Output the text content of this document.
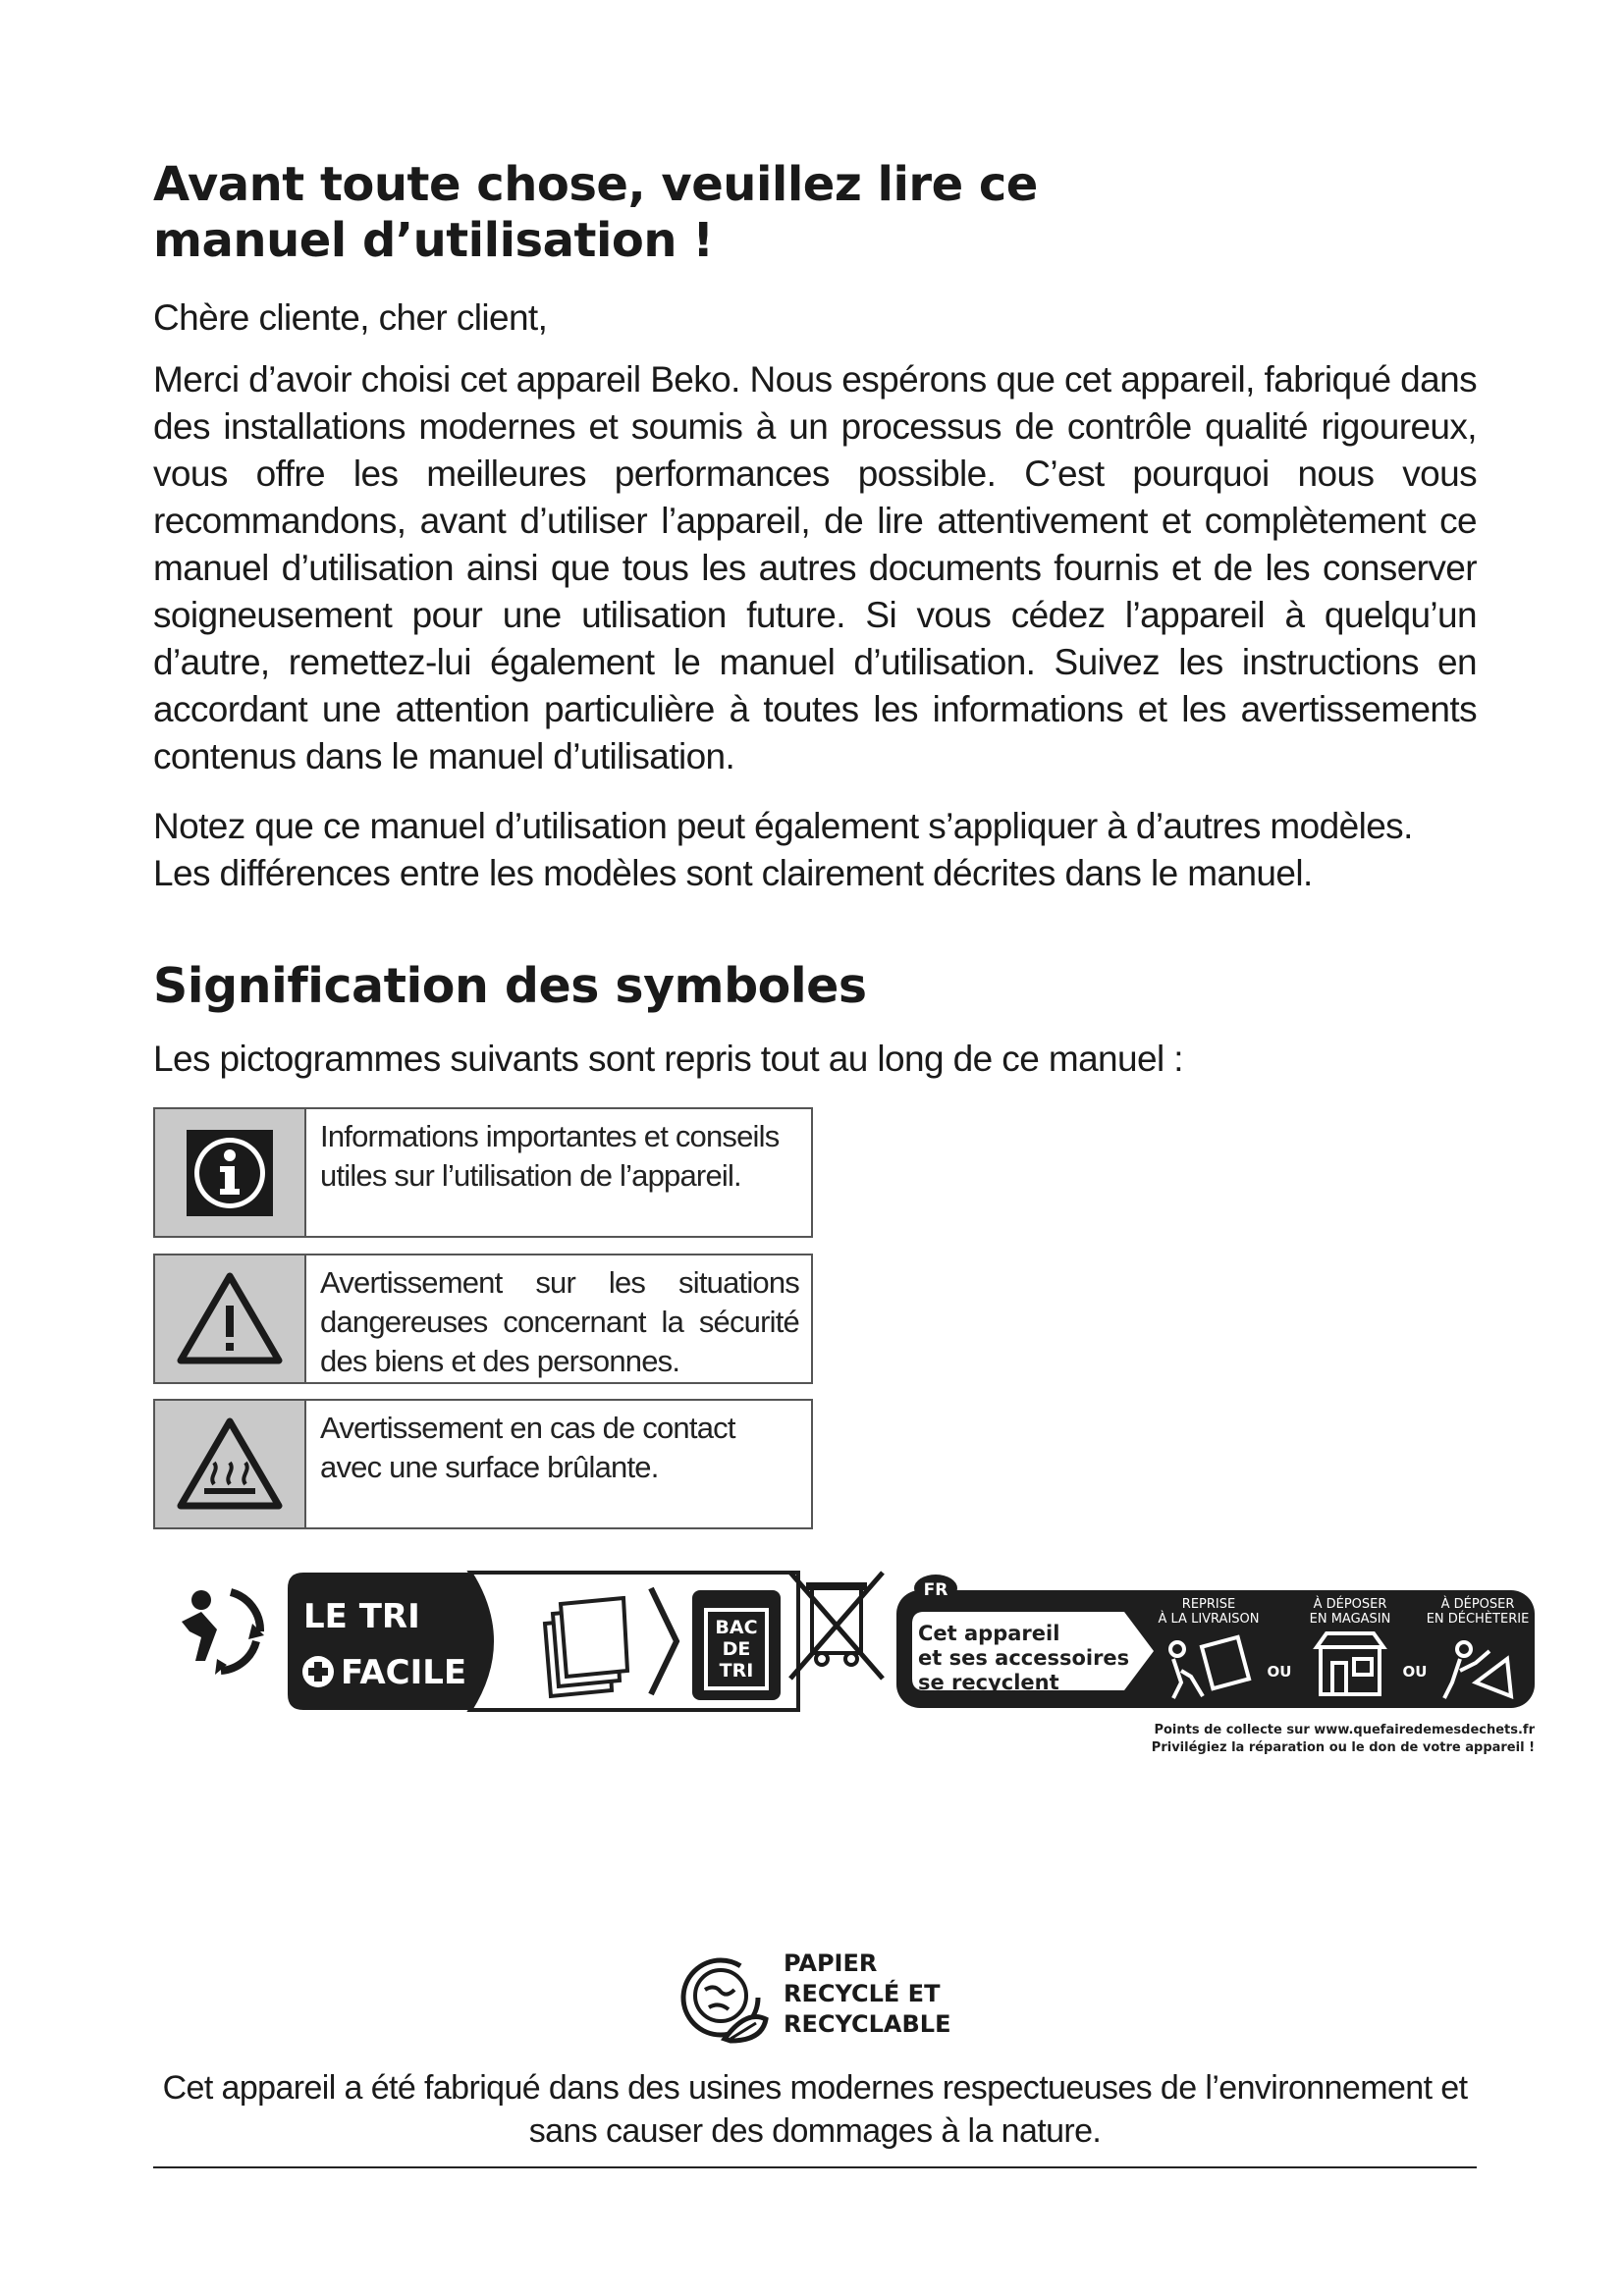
Avant toute chose, veuillez lire ce manuel d’utilisation !

Chère cliente, cher client,

Merci d’avoir choisi cet appareil Beko. Nous espérons que cet appareil, fabriqué dans des installations modernes et soumis à un processus de contrôle qualité rigoureux, vous offre les meilleures performances possible. C’est pourquoi nous vous recommandons, avant d’utiliser l’appareil, de lire attentivement et complètement ce manuel d’utilisation ainsi que tous les autres documents fournis et de les conserver soigneusement pour une utilisation future. Si vous cédez l’appareil à quelqu’un d’autre, remettez-lui également le manuel d’utilisation. Suivez les instructions en accordant une attention particulière à toutes les informations et les avertissements contenus dans le manuel d’utilisation.

Notez que ce manuel d’utilisation peut également s’appliquer à d’autres modèles. Les différences entre les modèles sont clairement décrites dans le manuel.

Signification des symboles

Les pictogrammes suivants sont repris tout au long de ce manuel :

Informations importantes et conseils utiles sur l’utilisation de l’appareil.
Avertissement sur les situations dangereuses concernant la sécurité des biens et des personnes.
Avertissement en cas de contact avec une surface brûlante.
LE TRI
FACILE
BAC
DE
TRI
FR
Cet appareil
et ses accessoires
se recyclent
REPRISE
À LA LIVRAISON
À DÉPOSER
EN MAGASIN
À DÉPOSER
EN DÉCHÈTERIE
OU	OU
Points de collecte sur www.quefairedemesdechets.fr
Privilégiez la réparation ou le don de votre appareil !
PAPIER
RECYCLÉ ET
RECYCLABLE

Cet appareil a été fabriqué dans des usines modernes respectueuses de l’environnement et sans causer des dommages à la nature.
